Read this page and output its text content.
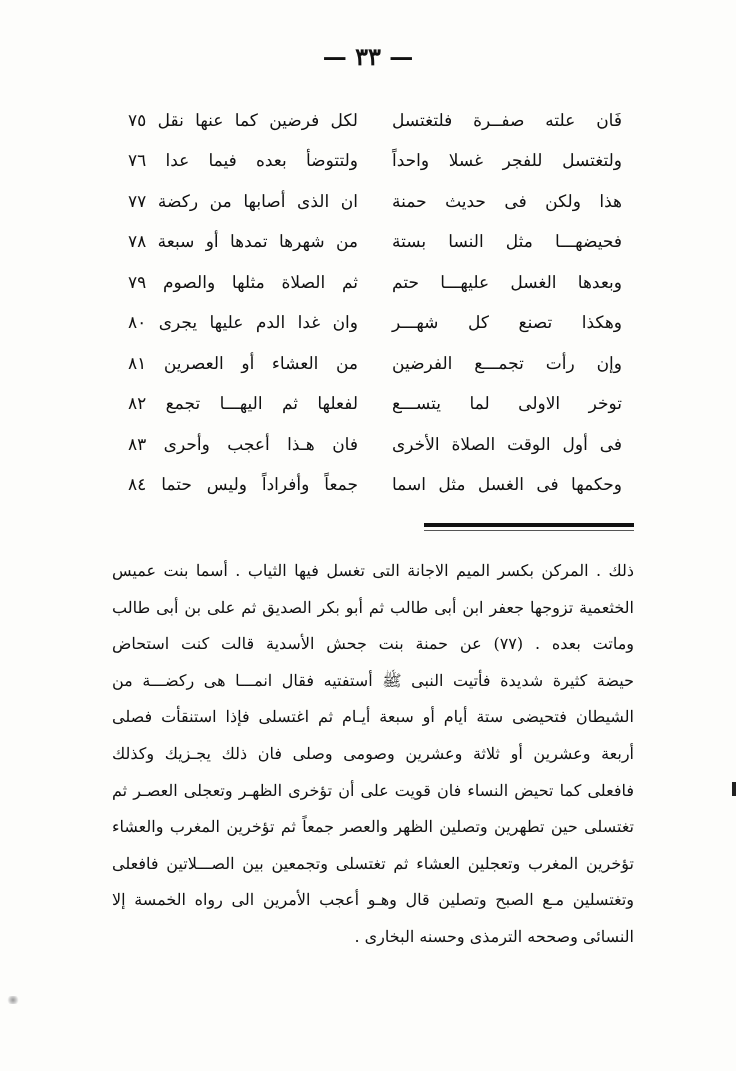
— ٣٣ —
فَان علته صفــرة فلتغتسل
ولتغتسل للفجر غسلا واحداً
هذا ولكن فى حديث حمنة
فحيضهـــا مثل النسا بستة
وبعدها الغسل عليهـــا حتم
وهكذا تصنع كل شهـــر
وإن رأت تجمـــع الفرضين
توخر الاولى لما يتســـع
فى أول الوقت الصلاة الأخرى
وحكمها فى الغسل مثل اسما
لكل فرضين كما عنها نقل ٧٥
ولتتوضأ بعده فيما عدا ٧٦
ان الذى أصابها من ركضة ٧٧
من شهرها تمدها أو سبعة ٧٨
ثم الصلاة مثلها والصوم ٧٩
وان غدا الدم عليها يجرى ٨٠
من العشاء أو العصرين ٨١
لفعلها ثم اليهـــا تجمع ٨٢
فان هـذا أعجب وأحرى ٨٣
جمعاً وأفراداً وليس حتما ٨٤
ذلك . المركن بكسر الميم الاجانة التى تغسل فيها الثياب . أسما بنت عميس
الخثعمية تزوجها جعفر ابن أبى طالب ثم أبو بكر الصديق ثم على بن أبى طالب
وماتت بعده . (٧٧) عن حمنة بنت جحش الأسدية قالت كنت استحاض
حيضة كثيرة شديدة فأتيت النبى ﷺ أستفتيه فقال انمـــا هى ركضـــة من
الشيطان فتحيضى ستة أيام أو سبعة أيـام ثم اغتسلى فإذا استنقأت فصلى
أربعة وعشرين أو ثلاثة وعشرين وصومى وصلى فان ذلك يجـزيك وكذلك
فافعلى كما تحيض النساء فان قويت على أن تؤخرى الظهـر وتعجلى العصـر ثم
تغتسلى حين تطهرين وتصلين الظهر والعصر جمعاً ثم تؤخرين المغرب والعشاء
تؤخرين المغرب وتعجلين العشاء ثم تغتسلى وتجمعين بين الصـــلاتين فافعلى
وتغتسلين مـع الصبح وتصلين قال وهـو أعجب الأمرين الى رواه الخمسة إلا
النسائى وصححه الترمذى وحسنه البخارى .
